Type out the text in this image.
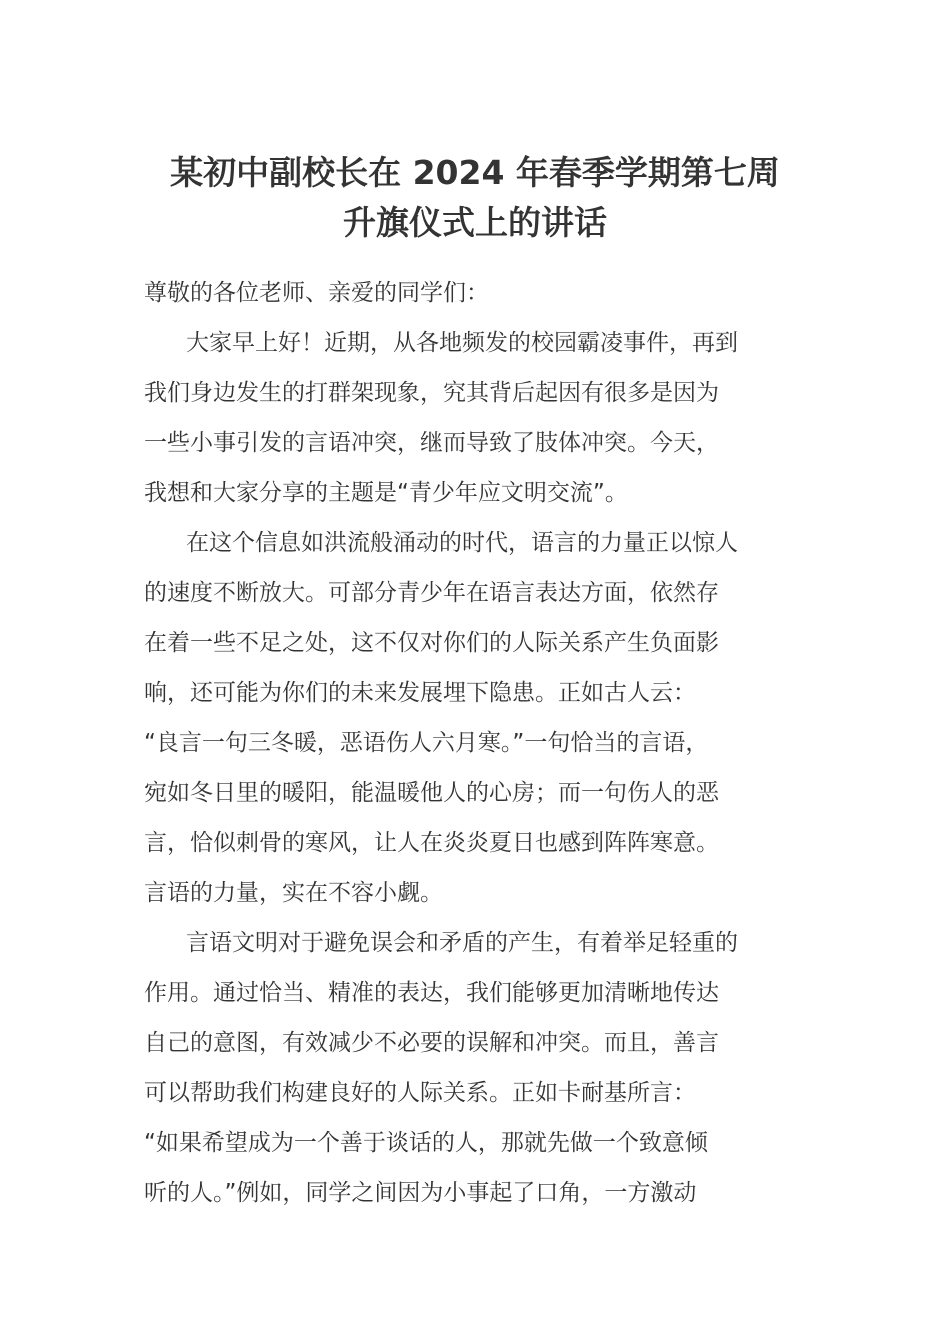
某初中副校长在 2024 年春季学期第七周
升旗仪式上的讲话
尊敬的各位老师、亲爱的同学们：
大家早上好！近期，从各地频发的校园霸凌事件，再到
我们身边发生的打群架现象，究其背后起因有很多是因为
一些小事引发的言语冲突，继而导致了肢体冲突。今天，
我想和大家分享的主题是“青少年应文明交流”。
在这个信息如洪流般涌动的时代，语言的力量正以惊人
的速度不断放大。可部分青少年在语言表达方面，依然存
在着一些不足之处，这不仅对你们的人际关系产生负面影
响，还可能为你们的未来发展埋下隐患。正如古人云：
“良言一句三冬暖，恶语伤人六月寒。”一句恰当的言语，
宛如冬日里的暖阳，能温暖他人的心房；而一句伤人的恶
言，恰似刺骨的寒风，让人在炎炎夏日也感到阵阵寒意。
言语的力量，实在不容小觑。
言语文明对于避免误会和矛盾的产生，有着举足轻重的
作用。通过恰当、精准的表达，我们能够更加清晰地传达
自己的意图，有效减少不必要的误解和冲突。而且，善言
可以帮助我们构建良好的人际关系。正如卡耐基所言：
“如果希望成为一个善于谈话的人，那就先做一个致意倾
听的人。”例如，同学之间因为小事起了口角，一方激动
